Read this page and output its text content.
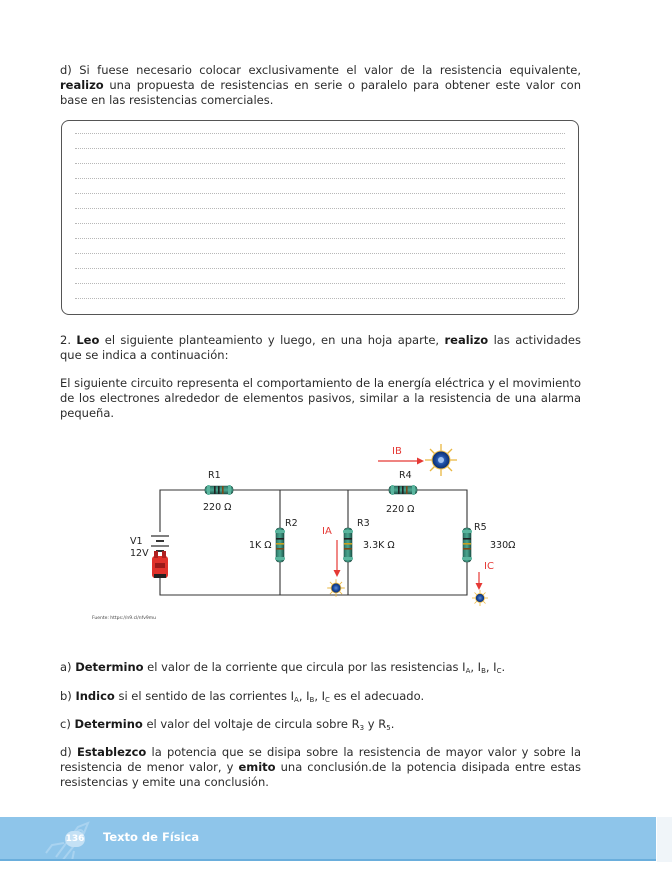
d) Si fuese necesario colocar exclusivamente el valor de la resistencia equivalente, realizo una propuesta de resistencias en serie o paralelo para obtener este valor con base en las resistencias comerciales.

2. Leo el siguiente planteamiento y luego, en una hoja aparte, realizo las actividades que se indica a continuación:

El siguiente circuito representa el comportamiento de la energía eléctrica y el movimiento de los electrones alrededor de elementos pasivos, similar a la resistencia de una alarma pequeña.

R1
220 Ω
R4
220 Ω
R2
1K Ω
R3
3.3K Ω
R5
330Ω
V1
12V
IB
IA
IC
Fuente: https://n9.cl/nfv9mu

a) Determino el valor de la corriente que circula por las resistencias $I_A$, $I_B$, $I_C$.

b) Indico si el sentido de las corrientes $I_A$, $I_B$, $I_C$ es el adecuado.

c) Determino el valor del voltaje de circula sobre $R_3$ y $R_5$.

d) Establezco la potencia que se disipa sobre la resistencia de mayor valor y sobre la resistencia de menor valor, y emito una conclusión.de la potencia disipada entre estas resistencias y emite una conclusión.

136 Texto de Física
